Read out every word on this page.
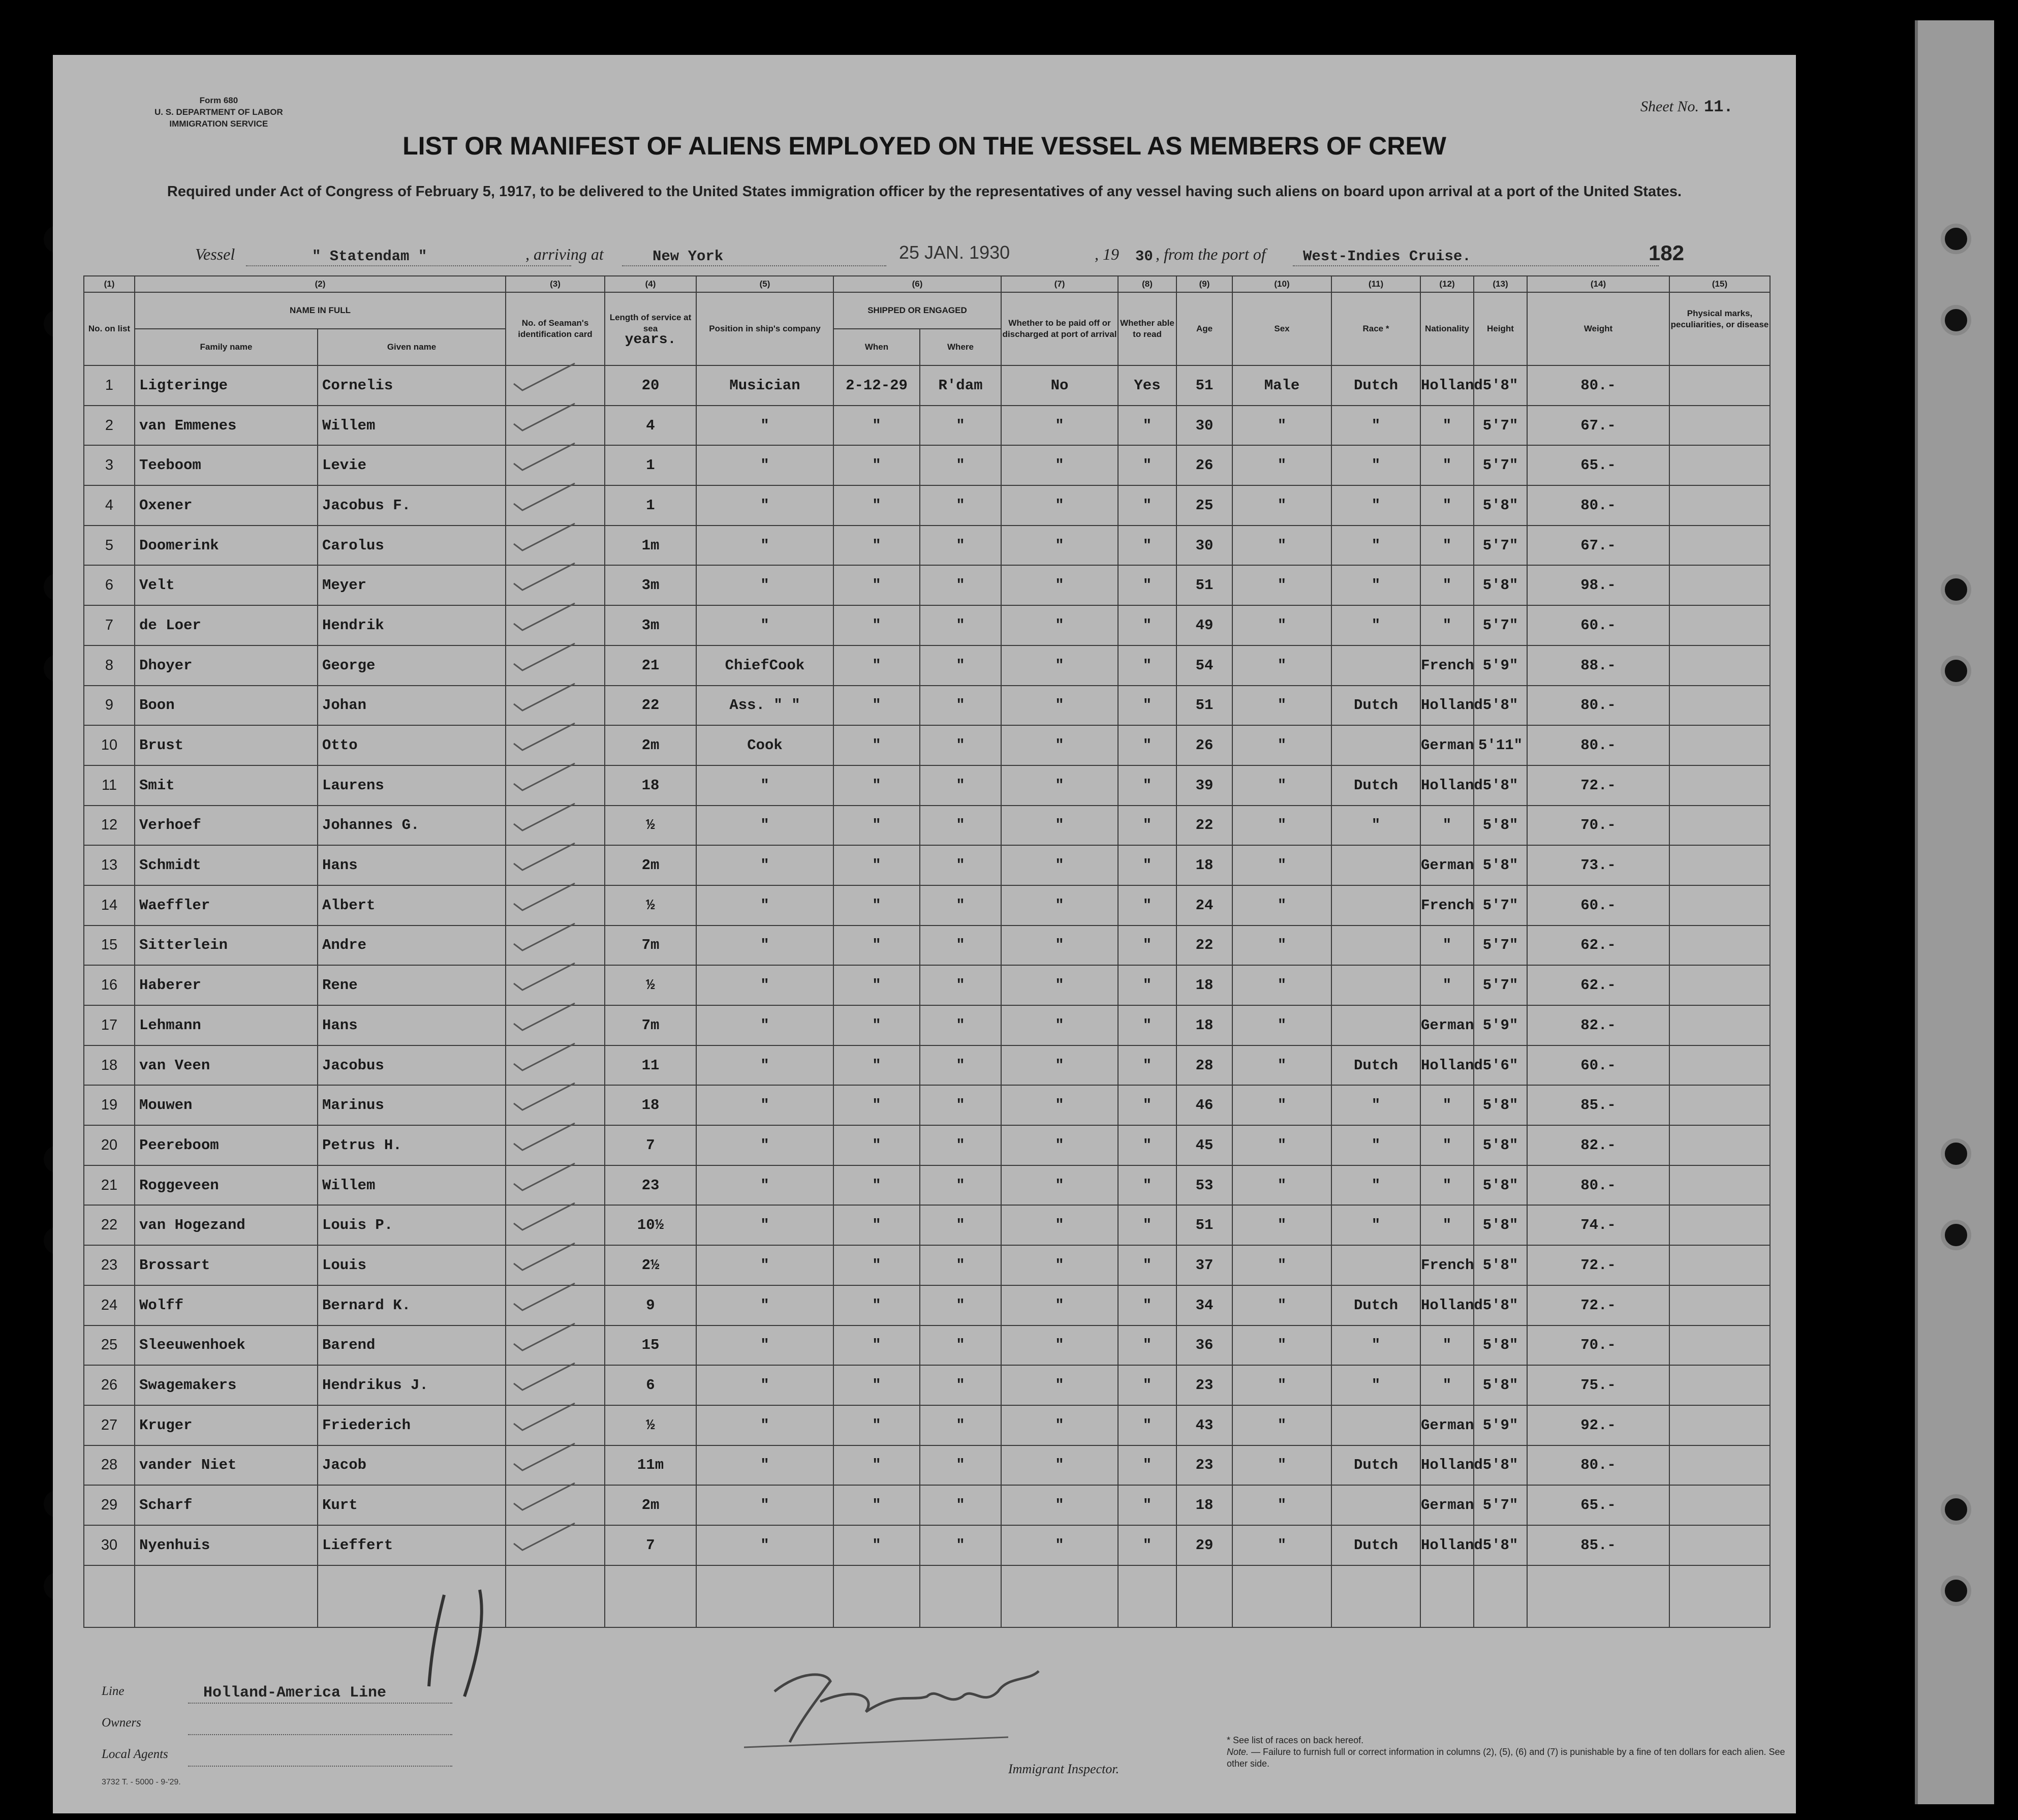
Form 680
U. S. DEPARTMENT OF LABOR
IMMIGRATION SERVICE
Sheet No. 11.
LIST OR MANIFEST OF ALIENS EMPLOYED ON THE VESSEL AS MEMBERS OF CREW
Required under Act of Congress of February 5, 1917, to be delivered to the United States immigration officer by the representatives of any vessel having such aliens on board upon arrival at a port of the United States.
Vessel	" Statendam "	, arriving at	New York	25 JAN. 1930	, 19 30 , from the port of	West-Indies Cruise.	182
(1)	(2)		(3)	(4)	(5)	(6)		(7)	(8)	(9)	(10)	(11)	(12)	(13)	(14)	(15)
No. on list	NAME IN FULL		No. of Seaman's identification card	Length of service at sea
years.	Position in ship's company	SHIPPED OR ENGAGED		Whether to be paid off or discharged at port of arrival	Whether able to read	Age	Sex	Race *	Nationality	Height	Weight	Physical marks, peculiarities, or disease
	Family name	Given name				When	Where									
1	Ligteringe	Cornelis		20	Musician	2-12-29	R'dam	No	Yes	51	Male	Dutch	Holland	5'8"	80.-	
2	van Emmenes	Willem		4	"	"	"	"	"	30	"	"	"	5'7"	67.-	
3	Teeboom	Levie		1	"	"	"	"	"	26	"	"	"	5'7"	65.-	
4	Oxener	Jacobus F.		1	"	"	"	"	"	25	"	"	"	5'8"	80.-	
5	Doomerink	Carolus		1m	"	"	"	"	"	30	"	"	"	5'7"	67.-	
6	Velt	Meyer		3m	"	"	"	"	"	51	"	"	"	5'8"	98.-	
7	de Loer	Hendrik		3m	"	"	"	"	"	49	"	"	"	5'7"	60.-	
8	Dhoyer	George		21	ChiefCook	"	"	"	"	54	"		French	5'9"	88.-	
9	Boon	Johan		22	Ass. " "	"	"	"	"	51	"	Dutch	Holland	5'8"	80.-	
10	Brust	Otto		2m	Cook	"	"	"	"	26	"		German	5'11"	80.-	
11	Smit	Laurens		18	"	"	"	"	"	39	"	Dutch	Holland	5'8"	72.-	
12	Verhoef	Johannes G.		½	"	"	"	"	"	22	"	"	"	5'8"	70.-	
13	Schmidt	Hans		2m	"	"	"	"	"	18	"		German	5'8"	73.-	
14	Waeffler	Albert		½	"	"	"	"	"	24	"		French	5'7"	60.-	
15	Sitterlein	Andre		7m	"	"	"	"	"	22	"		"	5'7"	62.-	
16	Haberer	Rene		½	"	"	"	"	"	18	"		"	5'7"	62.-	
17	Lehmann	Hans		7m	"	"	"	"	"	18	"		German	5'9"	82.-	
18	van Veen	Jacobus		11	"	"	"	"	"	28	"	Dutch	Holland	5'6"	60.-	
19	Mouwen	Marinus		18	"	"	"	"	"	46	"	"	"	5'8"	85.-	
20	Peereboom	Petrus H.		7	"	"	"	"	"	45	"	"	"	5'8"	82.-	
21	Roggeveen	Willem		23	"	"	"	"	"	53	"	"	"	5'8"	80.-	
22	van Hogezand	Louis P.		10½	"	"	"	"	"	51	"	"	"	5'8"	74.-	
23	Brossart	Louis		2½	"	"	"	"	"	37	"		French	5'8"	72.-	
24	Wolff	Bernard K.		9	"	"	"	"	"	34	"	Dutch	Holland	5'8"	72.-	
25	Sleeuwenhoek	Barend		15	"	"	"	"	"	36	"	"	"	5'8"	70.-	
26	Swagemakers	Hendrikus J.		6	"	"	"	"	"	23	"	"	"	5'8"	75.-	
27	Kruger	Friederich		½	"	"	"	"	"	43	"		German	5'9"	92.-	
28	vander Niet	Jacob		11m	"	"	"	"	"	23	"	Dutch	Holland	5'8"	80.-	
29	Scharf	Kurt		2m	"	"	"	"	"	18	"		German	5'7"	65.-	
30	Nyenhuis	Lieffert		7	"	"	"	"	"	29	"	Dutch	Holland	5'8"	85.-	

Line	Holland-America Line
Owners
Local Agents
Immigrant Inspector.
* See list of races on back hereof.
Note. — Failure to furnish full or correct information in columns (2), (5), (6) and (7) is punishable by a fine of ten dollars for each alien. See other side.
3732 T. - 5000 - 9-'29.
